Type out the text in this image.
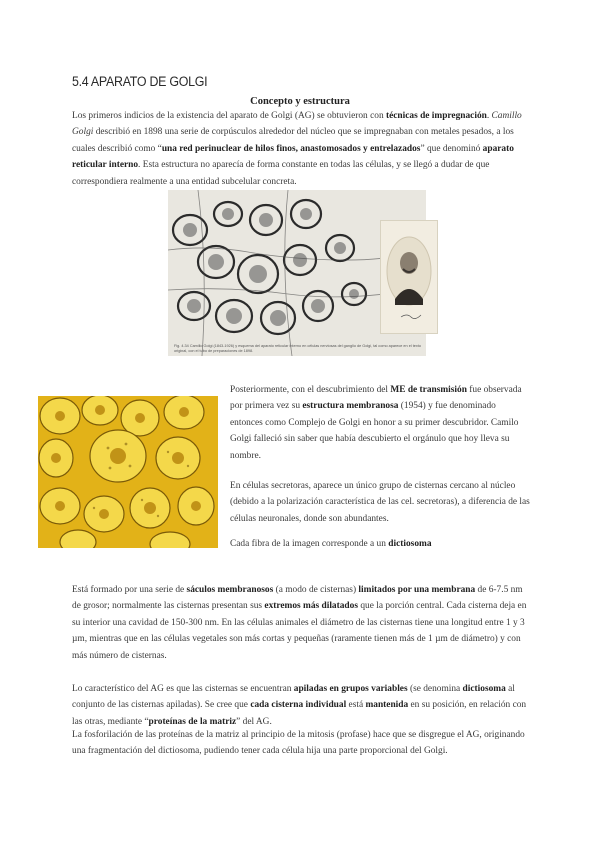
5.4 APARATO DE GOLGI
Concepto y estructura
Los primeros indicios de la existencia del aparato de Golgi (AG) se obtuvieron con técnicas de impregnación. Camillo Golgi describió en 1898 una serie de corpúsculos alrededor del núcleo que se impregnaban con metales pesados, a los cuales describió como “una red perinuclear de hilos finos, anastomosados y entrelazados” que denominó aparato reticular interno. Esta estructura no aparecía de forma constante en todas las células, y se llegó a dudar de que correspondiera realmente a una entidad subcelular concreta.
Fig. 4.34 Camillo Golgi (1843-1926) y esquema del aparato reticular interno en células nerviosas del ganglio de Golgi, tal como aparece en el texto original, con el tubo de preparaciones de 1898.
Posteriormente, con el descubrimiento del ME de transmisión fue observada por primera vez su estructura membranosa (1954) y fue denominado entonces como Complejo de Golgi en honor a su primer descubridor. Camilo Golgi falleció sin saber que había descubierto el orgánulo que hoy lleva su nombre.
En células secretoras, aparece un único grupo de cisternas cercano al núcleo (debido a la polarización característica de las cel. secretoras), a diferencia de las células neuronales, donde son abundantes.
Cada fibra de la imagen corresponde a un dictiosoma
Está formado por una serie de sáculos membranosos (a modo de cisternas) limitados por una membrana de 6-7.5 nm de grosor; normalmente las cisternas presentan sus extremos más dilatados que la porción central. Cada cisterna deja en su interior una cavidad de 150-300 nm. En las células animales el diámetro de las cisternas tiene una longitud entre 1 y 3 µm, mientras que en las células vegetales son más cortas y pequeñas (raramente tienen más de 1 µm de diámetro) y con más número de cisternas.
Lo característico del AG es que las cisternas se encuentran apiladas en grupos variables (se denomina dictiosoma al conjunto de las cisternas apiladas). Se cree que cada cisterna individual está mantenida en su posición, en relación con las otras, mediante “proteínas de la matriz” del AG.
La fosforilación de las proteínas de la matriz al principio de la mitosis (profase) hace que se disgregue el AG, originando una fragmentación del dictiosoma, pudiendo tener cada célula hija una parte proporcional del Golgi.
